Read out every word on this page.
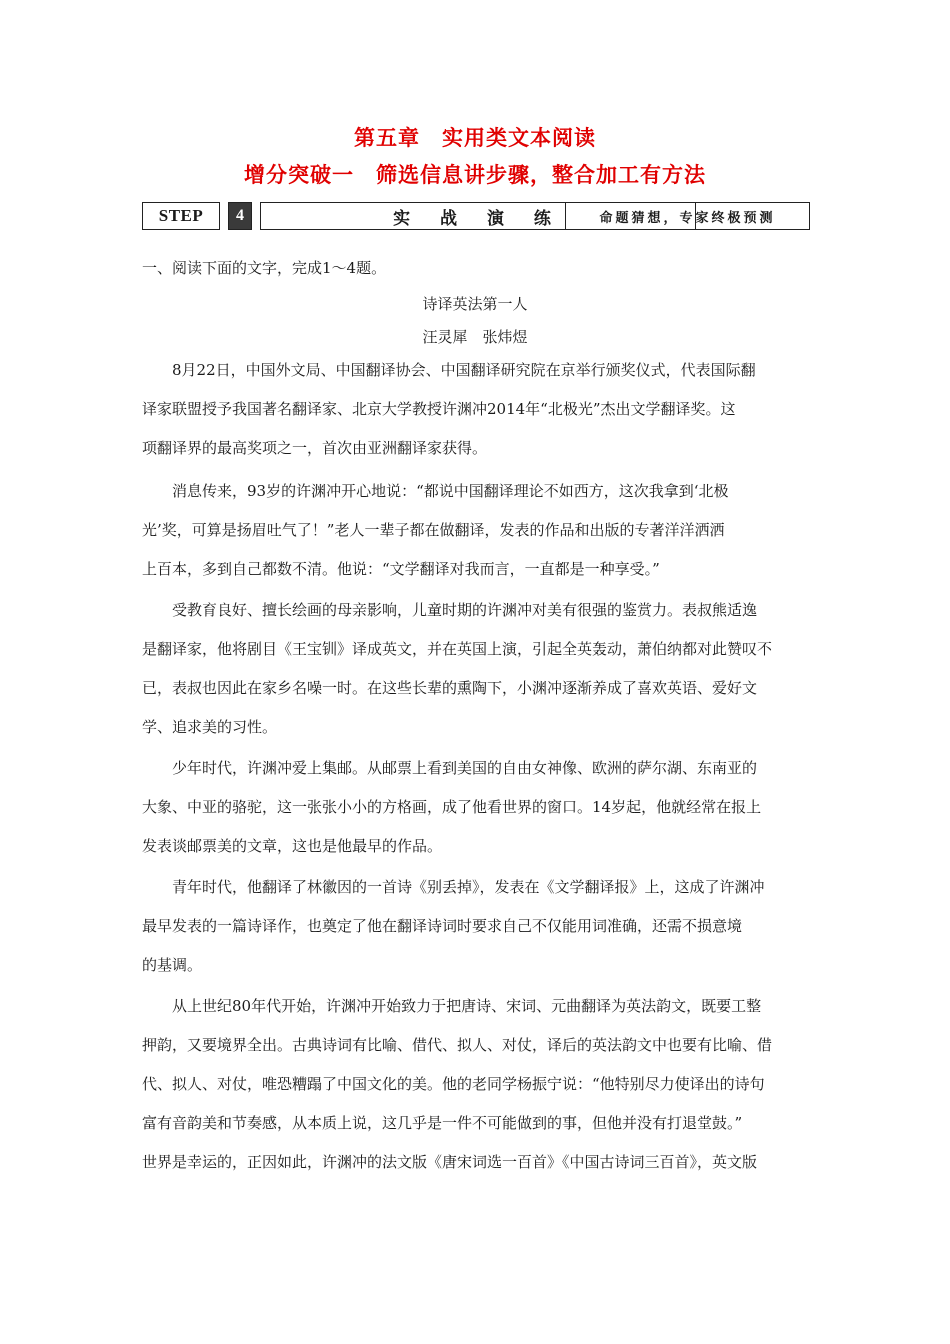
第五章　实用类文本阅读
增分突破一　筛选信息讲步骤，整合加工有方法
STEP	4	实 战 演 练	命题猜想，专家终极预测
一、阅读下面的文字，完成1～4题。
诗译英法第一人
汪灵犀　张炜煜
　　8月22日，中国外文局、中国翻译协会、中国翻译研究院在京举行颁奖仪式，代表国际翻
译家联盟授予我国著名翻译家、北京大学教授许渊冲2014年“北极光”杰出文学翻译奖。这
项翻译界的最高奖项之一，首次由亚洲翻译家获得。
　　消息传来，93岁的许渊冲开心地说：“都说中国翻译理论不如西方，这次我拿到‘北极
光’奖，可算是扬眉吐气了！”老人一辈子都在做翻译，发表的作品和出版的专著洋洋洒洒
上百本，多到自己都数不清。他说：“文学翻译对我而言，一直都是一种享受。”
　　受教育良好、擅长绘画的母亲影响，儿童时期的许渊冲对美有很强的鉴赏力。表叔熊适逸
是翻译家，他将剧目《王宝钏》译成英文，并在英国上演，引起全英轰动，萧伯纳都对此赞叹不
已，表叔也因此在家乡名噪一时。在这些长辈的熏陶下，小渊冲逐渐养成了喜欢英语、爱好文
学、追求美的习性。
　　少年时代，许渊冲爱上集邮。从邮票上看到美国的自由女神像、欧洲的萨尔湖、东南亚的
大象、中亚的骆驼，这一张张小小的方格画，成了他看世界的窗口。14岁起，他就经常在报上
发表谈邮票美的文章，这也是他最早的作品。
　　青年时代，他翻译了林徽因的一首诗《别丢掉》，发表在《文学翻译报》上，这成了许渊冲
最早发表的一篇诗译作，也奠定了他在翻译诗词时要求自己不仅能用词准确，还需不损意境
的基调。
　　从上世纪80年代开始，许渊冲开始致力于把唐诗、宋词、元曲翻译为英法韵文，既要工整
押韵，又要境界全出。古典诗词有比喻、借代、拟人、对仗，译后的英法韵文中也要有比喻、借
代、拟人、对仗，唯恐糟蹋了中国文化的美。他的老同学杨振宁说：“他特别尽力使译出的诗句
富有音韵美和节奏感，从本质上说，这几乎是一件不可能做到的事，但他并没有打退堂鼓。”
世界是幸运的，正因如此，许渊冲的法文版《唐宋词选一百首》《中国古诗词三百首》，英文版
